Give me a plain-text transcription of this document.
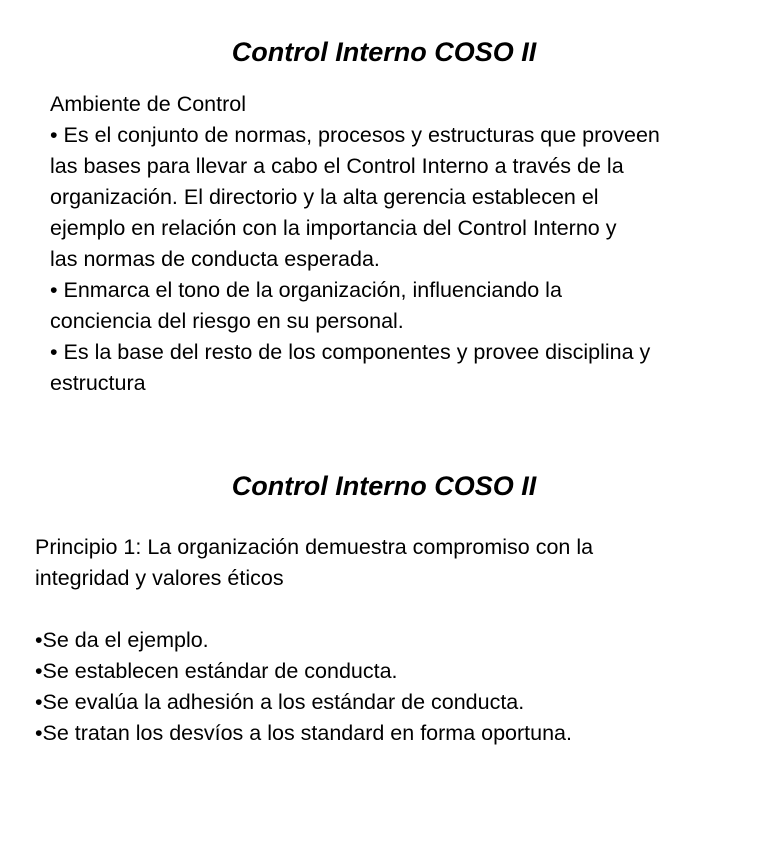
Control Interno COSO II
Ambiente de Control
• Es el conjunto de normas, procesos y estructuras que proveen
las bases para llevar a cabo el Control Interno a través de la
organización. El directorio y la alta gerencia establecen el
ejemplo en relación con la importancia del Control Interno y
las normas de conducta esperada.
• Enmarca el tono de la organización, influenciando la
conciencia del riesgo en su personal.
• Es la base del resto de los componentes y provee disciplina y
estructura
Control Interno COSO II
Principio 1: La organización demuestra compromiso con la
integridad y valores éticos
•Se da el ejemplo.
•Se establecen estándar de conducta.
•Se evalúa la adhesión a los estándar de conducta.
•Se tratan los desvíos a los standard en forma oportuna.
